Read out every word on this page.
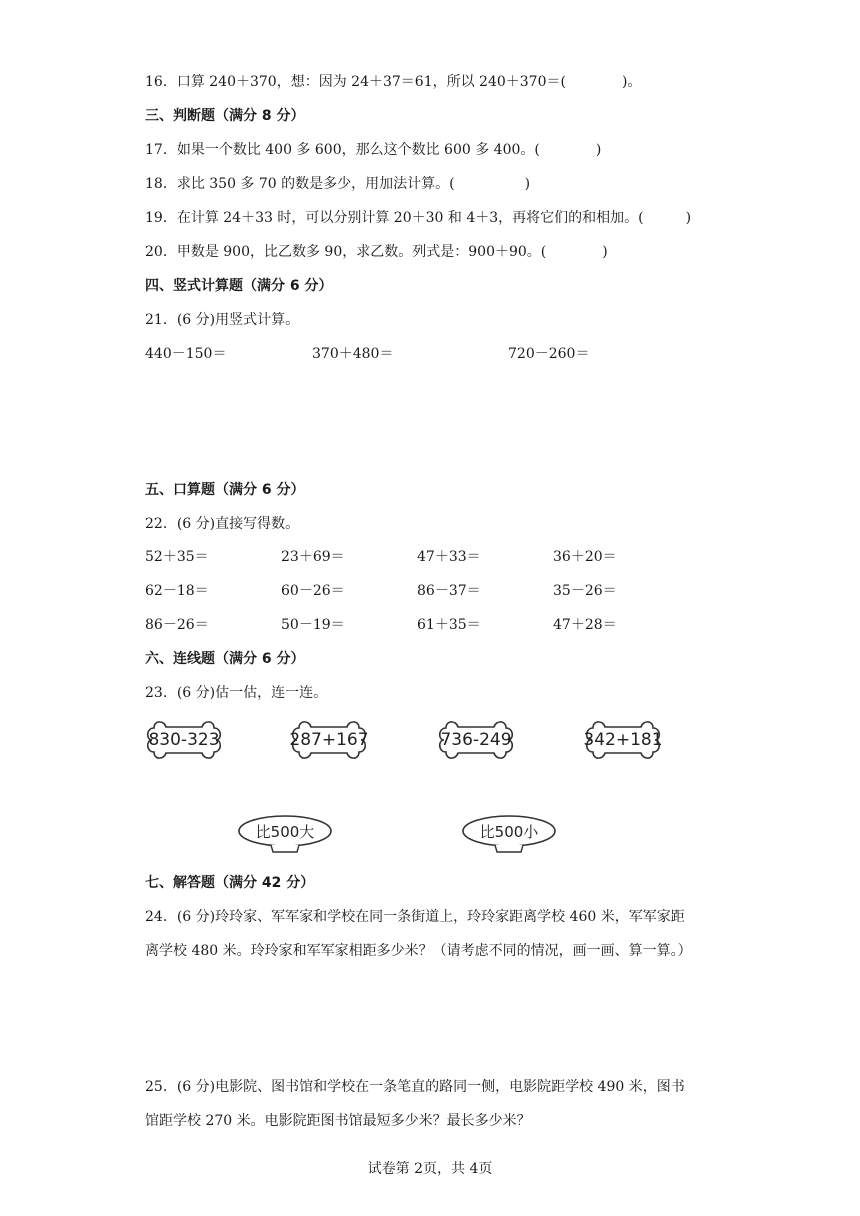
16．口算 240＋370，想：因为 24＋37＝61，所以 240＋370＝(　　　　)。
三、判断题（满分 8 分）
17．如果一个数比 400 多 600，那么这个数比 600 多 400。(　　　　)
18．求比 350 多 70 的数是多少，用加法计算。(　　　　　)
19．在计算 24＋33 时，可以分别计算 20＋30 和 4＋3，再将它们的和相加。(　　　)
20．甲数是 900，比乙数多 90，求乙数。列式是：900＋90。(　　　　)
四、竖式计算题（满分 6 分）
21．(6 分)用竖式计算。
440－150＝	370＋480＝	720－260＝
五、口算题（满分 6 分）
22．(6 分)直接写得数。
52＋35＝	23＋69＝	47＋33＝	36＋20＝
62－18＝	60－26＝	86－37＝	35－26＝
86－26＝	50－19＝	61＋35＝	47＋28＝
六、连线题（满分 6 分）
23．(6 分)估一估，连一连。
830-323	287+167	736-249	342+181
比500大	比500小
七、解答题（满分 42 分）
24．(6 分)玲玲家、军军家和学校在同一条街道上，玲玲家距离学校 460 米，军军家距
离学校 480 米。玲玲家和军军家相距多少米？（请考虑不同的情况，画一画、算一算。）
25．(6 分)电影院、图书馆和学校在一条笔直的路同一侧，电影院距学校 490 米，图书
馆距学校 270 米。电影院距图书馆最短多少米？最长多少米？
试卷第 2页，共 4页
